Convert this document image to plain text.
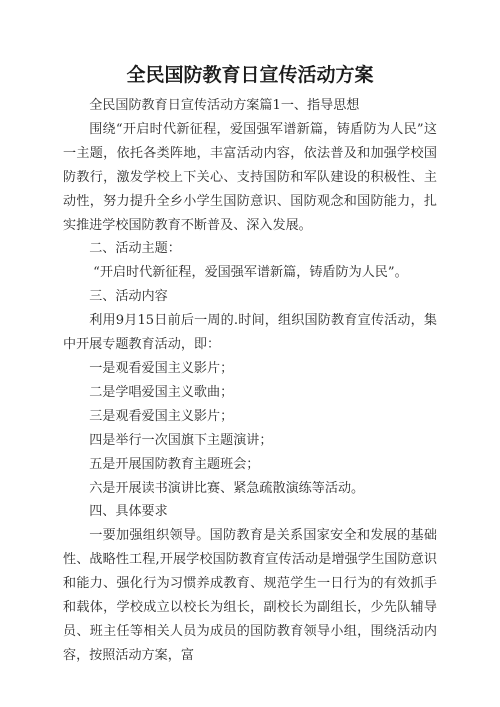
全民国防教育日宣传活动方案

全民国防教育日宣传活动方案篇1一、指导思想

围绕“开启时代新征程，爱国强军谱新篇，铸盾防为人民”这一主题，依托各类阵地，丰富活动内容，依法普及和加强学校国防教行，激发学校上下关心、支持国防和军队建设的积极性、主动性，努力提升全乡小学生国防意识、国防观念和国防能力，扎实推进学校国防教育不断普及、深入发展。

二、活动主题：

“开启时代新征程，爱国强军谱新篇，铸盾防为人民”。

三、活动内容

利用9月15日前后一周的.时间，组织国防教育宣传活动，集中开展专题教育活动，即：

一是观看爱国主义影片；

二是学唱爱国主义歌曲；

三是观看爱国主义影片；

四是举行一次国旗下主题演讲；

五是开展国防教育主题班会；

六是开展读书演讲比赛、紧急疏散演练等活动。

四、具体要求

一要加强组织领导。国防教育是关系国家安全和发展的基础性、战略性工程,开展学校国防教育宣传活动是增强学生国防意识和能力、强化行为习惯养成教育、规范学生一日行为的有效抓手和载体，学校成立以校长为组长，副校长为副组长，少先队辅导员、班主任等相关人员为成员的国防教育领导小组，围绕活动内容，按照活动方案，富
